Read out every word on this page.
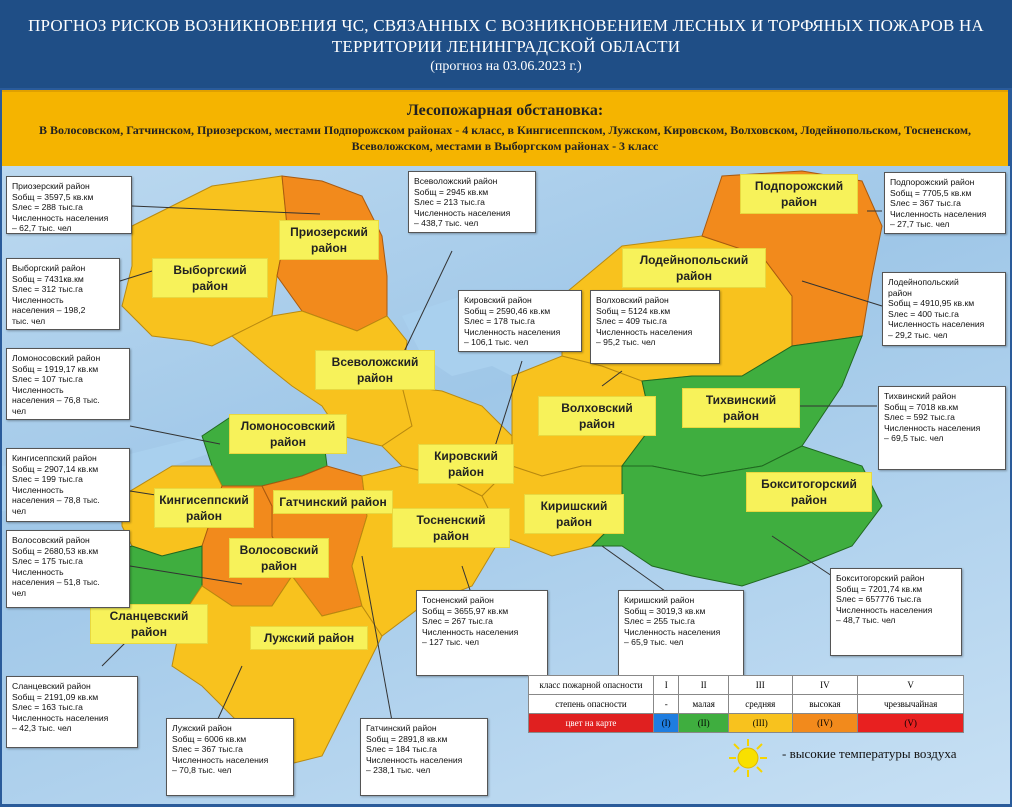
ПРОГНОЗ РИСКОВ ВОЗНИКНОВЕНИЯ ЧС, СВЯЗАННЫХ С ВОЗНИКНОВЕНИЕМ ЛЕСНЫХ И ТОРФЯНЫХ ПОЖАРОВ НА ТЕРРИТОРИИ ЛЕНИНГРАДСКОЙ ОБЛАСТИ
(прогноз на 03.06.2023 г.)
Лесопожарная обстановка:
В Волосовском, Гатчинском, Приозерском, местами Подпорожском районах - 4 класс, в Кингисеппском, Лужском, Кировском, Волховском, Лодейнопольском, Тосненском, Всеволожском, местами в Выборгском районах - 3 класс
Приозерский район
Выборгский район
Всеволожский район
Ломоносовский район
Кингисеппский район
Гатчинский район
Волосовский район
Сланцевский район	Лужский район
Кировский район
Тосненский район
Волховский район
Киришский район
Тихвинский район
Бокситогорский район
Лодейнопольский район
Подпорожский район
Приозерский район
Sобщ = 3597,5 кв.км
Sлес = 288 тыс.га
Численность населения
– 62,7 тыс. чел
Выборгский район
Sобщ = 7431кв.км
Sлес = 312 тыс.га
Численность
населения – 198,2
тыс. чел
Ломоносовский район
Sобщ = 1919,17 кв.км
Sлес = 107 тыс.га
Численность
населения – 76,8 тыс.
чел
Кингисеппский район
Sобщ = 2907,14 кв.км
Sлес = 199 тыс.га
Численность
населения – 78,8 тыс.
чел
Волосовский район
Sобщ = 2680,53 кв.км
Sлес = 175 тыс.га
Численность
населения – 51,8 тыс.
чел
Сланцевский район
Sобщ = 2191,09 кв.км
Sлес = 163 тыс.га
Численность населения
– 42,3 тыс. чел
Всеволожский район
Sобщ = 2945 кв.км
Sлес = 213 тыс.га
Численность населения
– 438,7 тыс. чел
Кировский район
Sобщ = 2590,46 кв.км
Sлес = 178 тыс.га
Численность населения
– 106,1 тыс. чел
Волховский район
Sобщ = 5124 кв.км
Sлес = 409 тыс.га
Численность населения
– 95,2 тыс. чел
Подпорожский район
Sобщ = 7705,5 кв.км
Sлес = 367 тыс.га
Численность населения
– 27,7 тыс. чел
Лодейнопольский
район
Sобщ = 4910,95 кв.км
Sлес = 400 тыс.га
Численность населения
– 29,2 тыс. чел
Тихвинский район
Sобщ = 7018 кв.км
Sлес = 592 тыс.га
Численность населения
– 69,5 тыс. чел
Бокситогорский район
Sобщ = 7201,74 кв.км
Sлес = 657776 тыс.га
Численность населения
– 48,7 тыс. чел
Тосненский район
Sобщ = 3655,97 кв.км
Sлес = 267 тыс.га
Численность населения
– 127 тыс. чел
Киришский район
Sобщ = 3019,3 кв.км
Sлес = 255 тыс.га
Численность населения
– 65,9 тыс. чел
Лужский район
Sобщ = 6006 кв.км
Sлес = 367 тыс.га
Численность населения
– 70,8 тыс. чел
Гатчинский район
Sобщ = 2891,8 кв.км
Sлес = 184 тыс.га
Численность населения
– 238,1 тыс. чел
класс пожарной опасности	I	II	III	IV	V
степень опасности	-	малая	средняя	высокая	чрезвычайная
цвет на карте	(I)	(II)	(III)	(IV)	(V)
- высокие температуры воздуха
